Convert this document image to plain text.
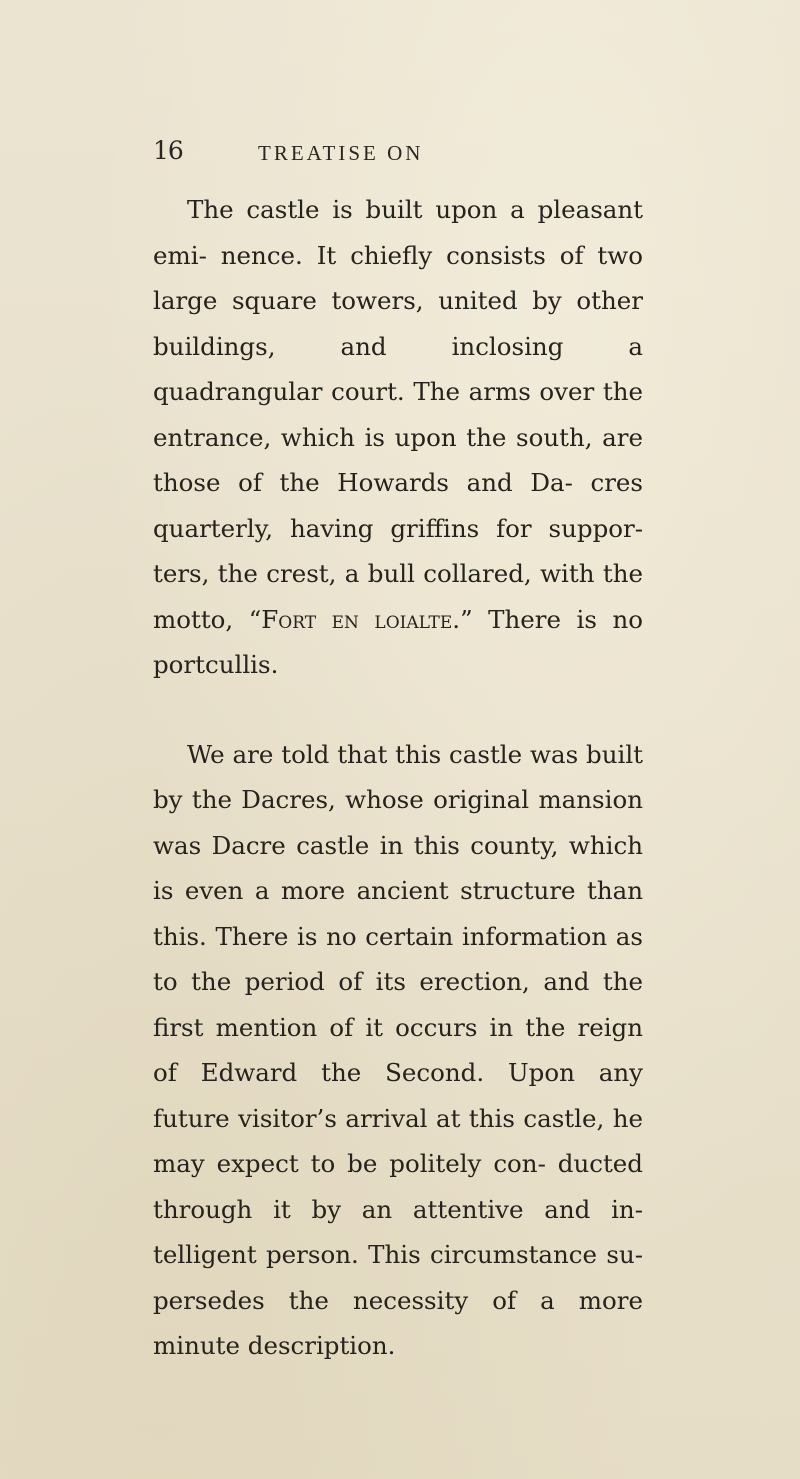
16	TREATISE ON

The castle is built upon a pleasant emi- nence. It chiefly consists of two large square towers, united by other buildings, and inclosing a quadrangular court. The arms over the entrance, which is upon the south, are those of the Howards and Da- cres quarterly, having griffins for suppor- ters, the crest, a bull collared, with the motto, “Fort en loialte.” There is no portcullis.

We are told that this castle was built by the Dacres, whose original mansion was Dacre castle in this county, which is even a more ancient structure than this. There is no certain information as to the period of its erection, and the first mention of it occurs in the reign of Edward the Second. Upon any future visitor’s arrival at this castle, he may expect to be politely con- ducted through it by an attentive and in- telligent person. This circumstance su- persedes the necessity of a more minute description.
